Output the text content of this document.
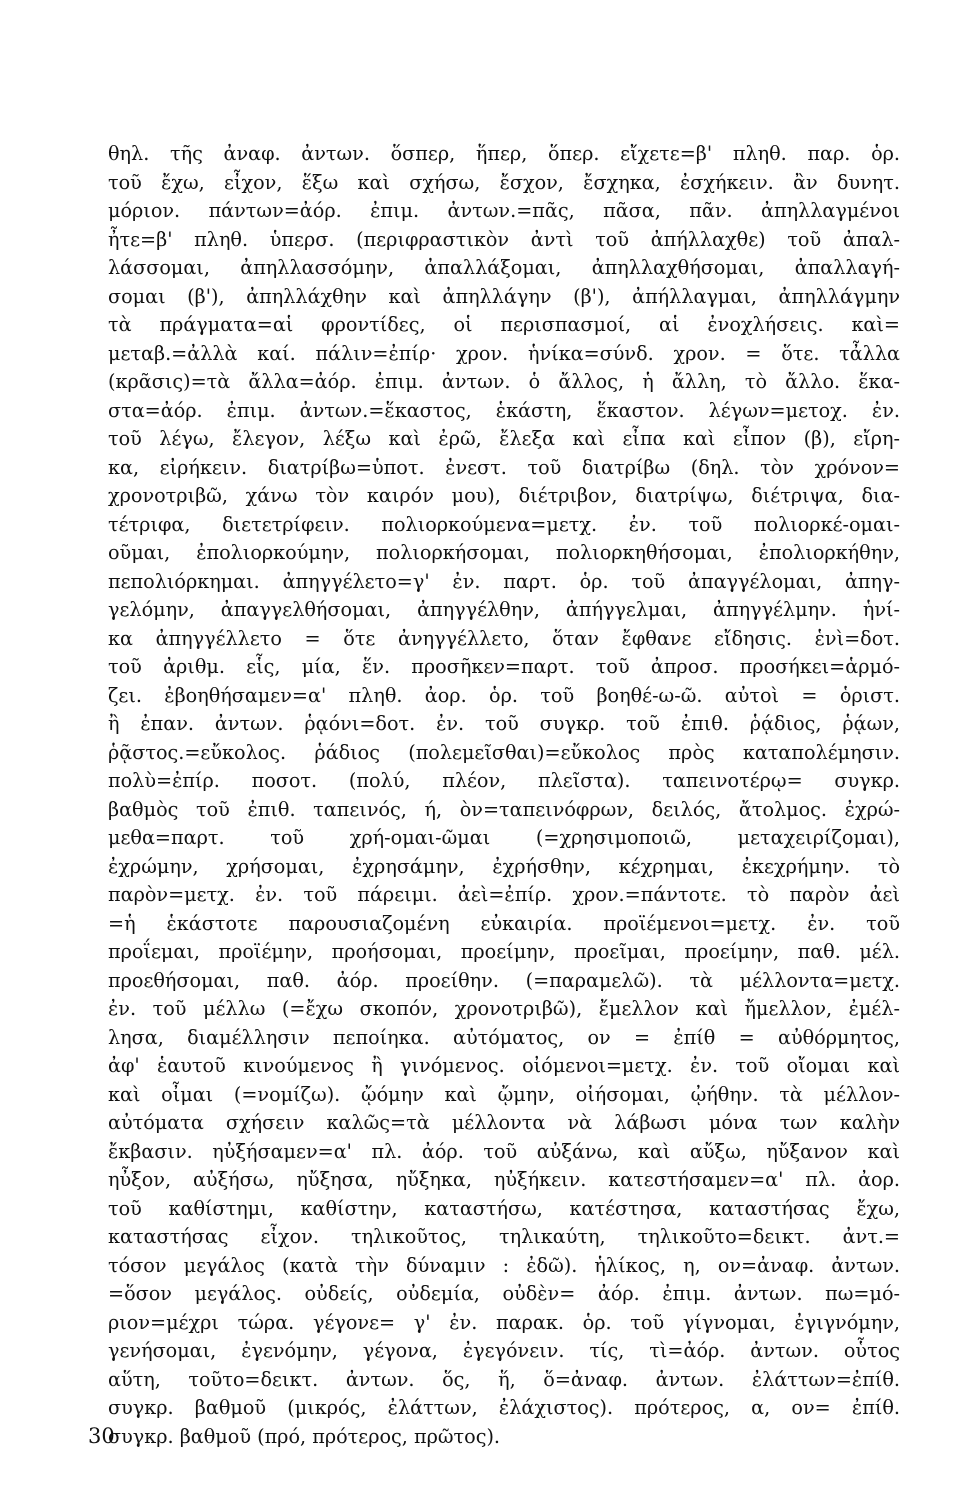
θηλ. τῆς ἀναφ. ἀντων. ὅσπερ, ἥπερ, ὅπερ. εἴχετε=β' πληθ. παρ. ὁρ.
τοῦ ἔχω, εἶχον, ἕξω καὶ σχήσω, ἔσχον, ἔσχηκα, ἐσχήκειν. ἂν δυνητ.
μόριον. πάντων=ἀόρ. ἐπιμ. ἀντων.=πᾶς, πᾶσα, πᾶν. ἀπηλλαγμένοι
ἦτε=β' πληθ. ὑπερσ. (περιφραστικὸν ἀντὶ τοῦ ἀπήλλαχθε) τοῦ ἀπαλ-
λάσσομαι, ἀπηλλασσόμην, ἀπαλλάξομαι, ἀπηλλαχθήσομαι, ἀπαλλαγή-
σομαι (β'), ἀπηλλάχθην καὶ ἀπηλλάγην (β'), ἀπήλλαγμαι, ἀπηλλάγμην
τὰ πράγματα=αἱ φροντίδες, οἱ περισπασμοί, αἱ ἐνοχλήσεις. καὶ=
μεταβ.=ἀλλὰ καί. πάλιν=ἐπίρ· χρον. ἡνίκα=σύνδ. χρον. = ὅτε. τἆλλα
(κρᾶσις)=τὰ ἄλλα=ἀόρ. ἐπιμ. ἀντων. ὁ ἄλλος, ἡ ἄλλη, τὸ ἄλλο. ἕκα-
στα=ἀόρ. ἐπιμ. ἀντων.=ἕκαστος, ἑκάστη, ἕκαστον. λέγων=μετοχ. ἐν.
τοῦ λέγω, ἔλεγον, λέξω καὶ ἐρῶ, ἔλεξα καὶ εἶπα καὶ εἶπον (β), εἴρη-
κα, εἰρήκειν. διατρίβω=ὑποτ. ἐνεστ. τοῦ διατρίβω (δηλ. τὸν χρόνον=
χρονοτριβῶ, χάνω τὸν καιρόν μου), διέτριβον, διατρίψω, διέτριψα, δια-
τέτριφα, διετετρίφειν. πολιορκούμενα=μετχ. ἐν. τοῦ πολιορκέ-ομαι-
οῦμαι, ἐπολιορκούμην, πολιορκήσομαι, πολιορκηθήσομαι, ἐπολιορκήθην,
πεπολιόρκημαι. ἀπηγγέλετο=γ' ἐν. παρτ. ὁρ. τοῦ ἀπαγγέλομαι, ἀπηγ-
γελόμην, ἀπαγγελθήσομαι, ἀπηγγέλθην, ἀπήγγελμαι, ἀπηγγέλμην. ἡνί-
κα ἀπηγγέλλετο = ὅτε ἀνηγγέλλετο, ὅταν ἔφθανε εἴδησις. ἑνὶ=δοτ.
τοῦ ἀριθμ. εἷς, μία, ἕν. προσῆκεν=παρτ. τοῦ ἀπροσ. προσήκει=ἁρμό-
ζει. ἐβοηθήσαμεν=α' πληθ. ἀορ. ὁρ. τοῦ βοηθέ-ω-ῶ. αὐτοὶ = ὁριστ.
ἢ ἐπαν. ἀντων. ῥᾳόνι=δοτ. ἐν. τοῦ συγκρ. τοῦ ἐπιθ. ῥᾴδιος, ῥᾴων,
ῥᾷστος.=εὔκολος. ῥάδιος (πολεμεῖσθαι)=εὔκολος πρὸς καταπολέμησιν.
πολὺ=ἐπίρ. ποσοτ. (πολύ, πλέον, πλεῖστα). ταπεινοτέρῳ= συγκρ.
βαθμὸς τοῦ ἐπιθ. ταπεινός, ή, ὸν=ταπεινόφρων, δειλός, ἄτολμος. ἐχρώ-
μεθα=παρτ. τοῦ χρή-ομαι-ῶμαι (=χρησιμοποιῶ, μεταχειρίζομαι),
ἐχρώμην, χρήσομαι, ἐχρησάμην, ἐχρήσθην, κέχρημαι, ἐκεχρήμην. τὸ
παρὸν=μετχ. ἐν. τοῦ πάρειμι. ἀεὶ=ἐπίρ. χρον.=πάντοτε. τὸ παρὸν ἀεὶ
=ἡ ἑκάστοτε παρουσιαζομένη εὐκαιρία. προϊέμενοι=μετχ. ἐν. τοῦ
προΐεμαι, προϊέμην, προήσομαι, προείμην, προεῖμαι, προείμην, παθ. μέλ.
προεθήσομαι, παθ. ἀόρ. προείθην. (=παραμελῶ). τὰ μέλλοντα=μετχ.
ἐν. τοῦ μέλλω (=ἔχω σκοπόν, χρονοτριβῶ), ἔμελλον καὶ ἤμελλον, ἐμέλ-
λησα, διαμέλλησιν πεποίηκα. αὐτόματος, ον = ἐπίθ = αὐθόρμητος,
ἀφ' ἑαυτοῦ κινούμενος ἢ γινόμενος. οἰόμενοι=μετχ. ἐν. τοῦ οἴομαι καὶ
καὶ οἶμαι (=νομίζω). ᾤόμην καὶ ᾤμην, οἰήσομαι, ᾠήθην. τὰ μέλλον-
αὐτόματα σχήσειν καλῶς=τὰ μέλλοντα νὰ λάβωσι μόνα των καλὴν
ἔκβασιν. ηὐξήσαμεν=α' πλ. ἀόρ. τοῦ αὐξάνω, καὶ αὔξω, ηὔξανον καὶ
ηὖξον, αὐξήσω, ηὔξησα, ηὔξηκα, ηὐξήκειν. κατεστήσαμεν=α' πλ. ἀορ.
τοῦ καθίστημι, καθίστην, καταστήσω, κατέστησα, καταστήσας ἔχω,
καταστήσας εἶχον. τηλικοῦτος, τηλικαύτη, τηλικοῦτο=δεικτ. ἀντ.=
τόσον μεγάλος (κατὰ τὴν δύναμιν : ἐδῶ). ἡλίκος, η, ον=ἀναφ. ἀντων.
=ὅσον μεγάλος. οὐδείς, οὐδεμία, οὐδὲν= ἀόρ. ἐπιμ. ἀντων. πω=μό-
ριον=μέχρι τώρα. γέγονε= γ' ἐν. παρακ. ὁρ. τοῦ γίγνομαι, ἐγιγνόμην,
γενήσομαι, ἐγενόμην, γέγονα, ἐγεγόνειν. τίς, τὶ=ἀόρ. ἀντων. οὗτος
αὕτη, τοῦτο=δεικτ. ἀντων. ὅς, ἥ, ὅ=ἀναφ. ἀντων. ἐλάττων=ἐπίθ.
συγκρ. βαθμοῦ (μικρός, ἐλάττων, ἐλάχιστος). πρότερος, α, ον= ἐπίθ.
συγκρ. βαθμοῦ (πρό, πρότερος, πρῶτος).
30
